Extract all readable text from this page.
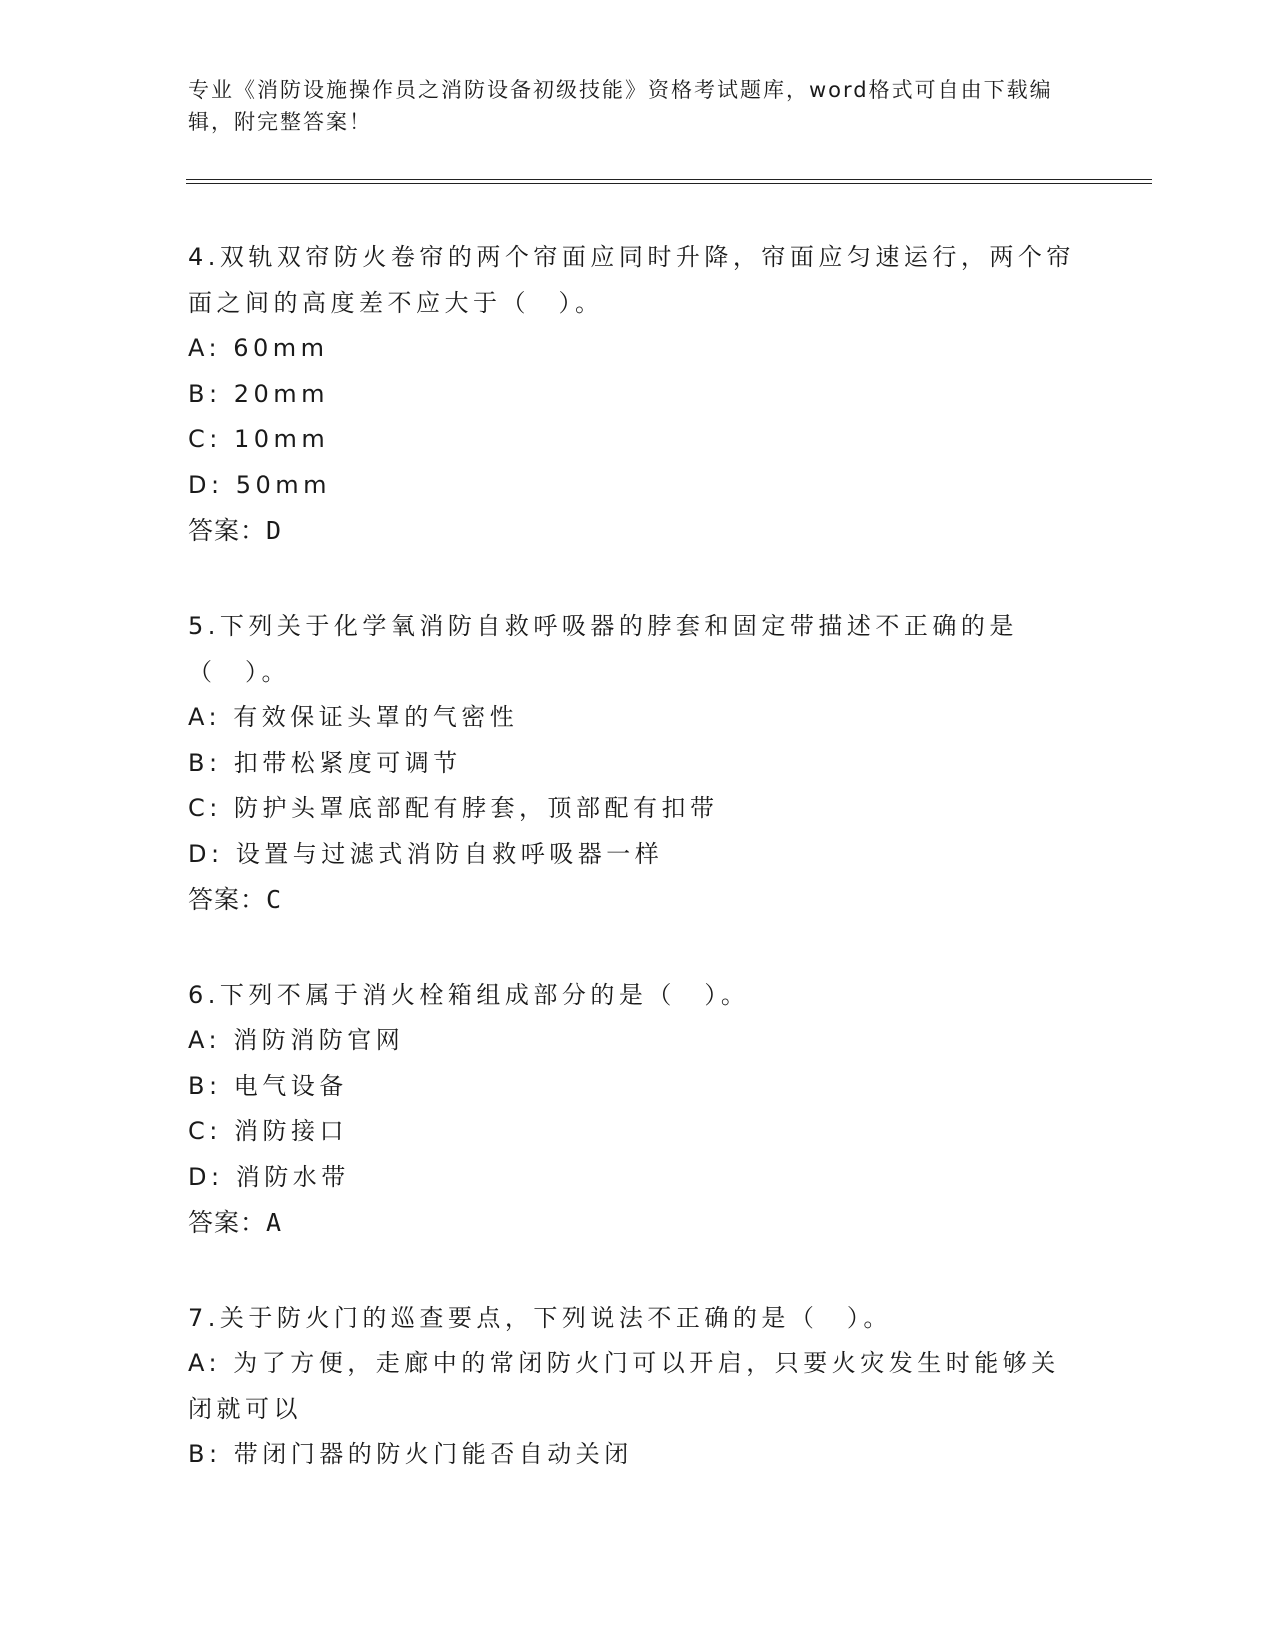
专业《消防设施操作员之消防设备初级技能》资格考试题库，word格式可自由下载编辑，附完整答案！

4.双轨双帘防火卷帘的两个帘面应同时升降，帘面应匀速运行，两个帘面之间的高度差不应大于（　）。

A: 60mm

B: 20mm

C: 10mm

D: 50mm

答案：D

5.下列关于化学氧消防自救呼吸器的脖套和固定带描述不正确的是（　）。

A: 有效保证头罩的气密性

B: 扣带松紧度可调节

C: 防护头罩底部配有脖套，顶部配有扣带

D: 设置与过滤式消防自救呼吸器一样

答案：C

6.下列不属于消火栓箱组成部分的是（　）。

A: 消防消防官网

B: 电气设备

C: 消防接口

D: 消防水带

答案：A

7.关于防火门的巡查要点，下列说法不正确的是（　）。

A: 为了方便，走廊中的常闭防火门可以开启，只要火灾发生时能够关闭就可以

B: 带闭门器的防火门能否自动关闭
